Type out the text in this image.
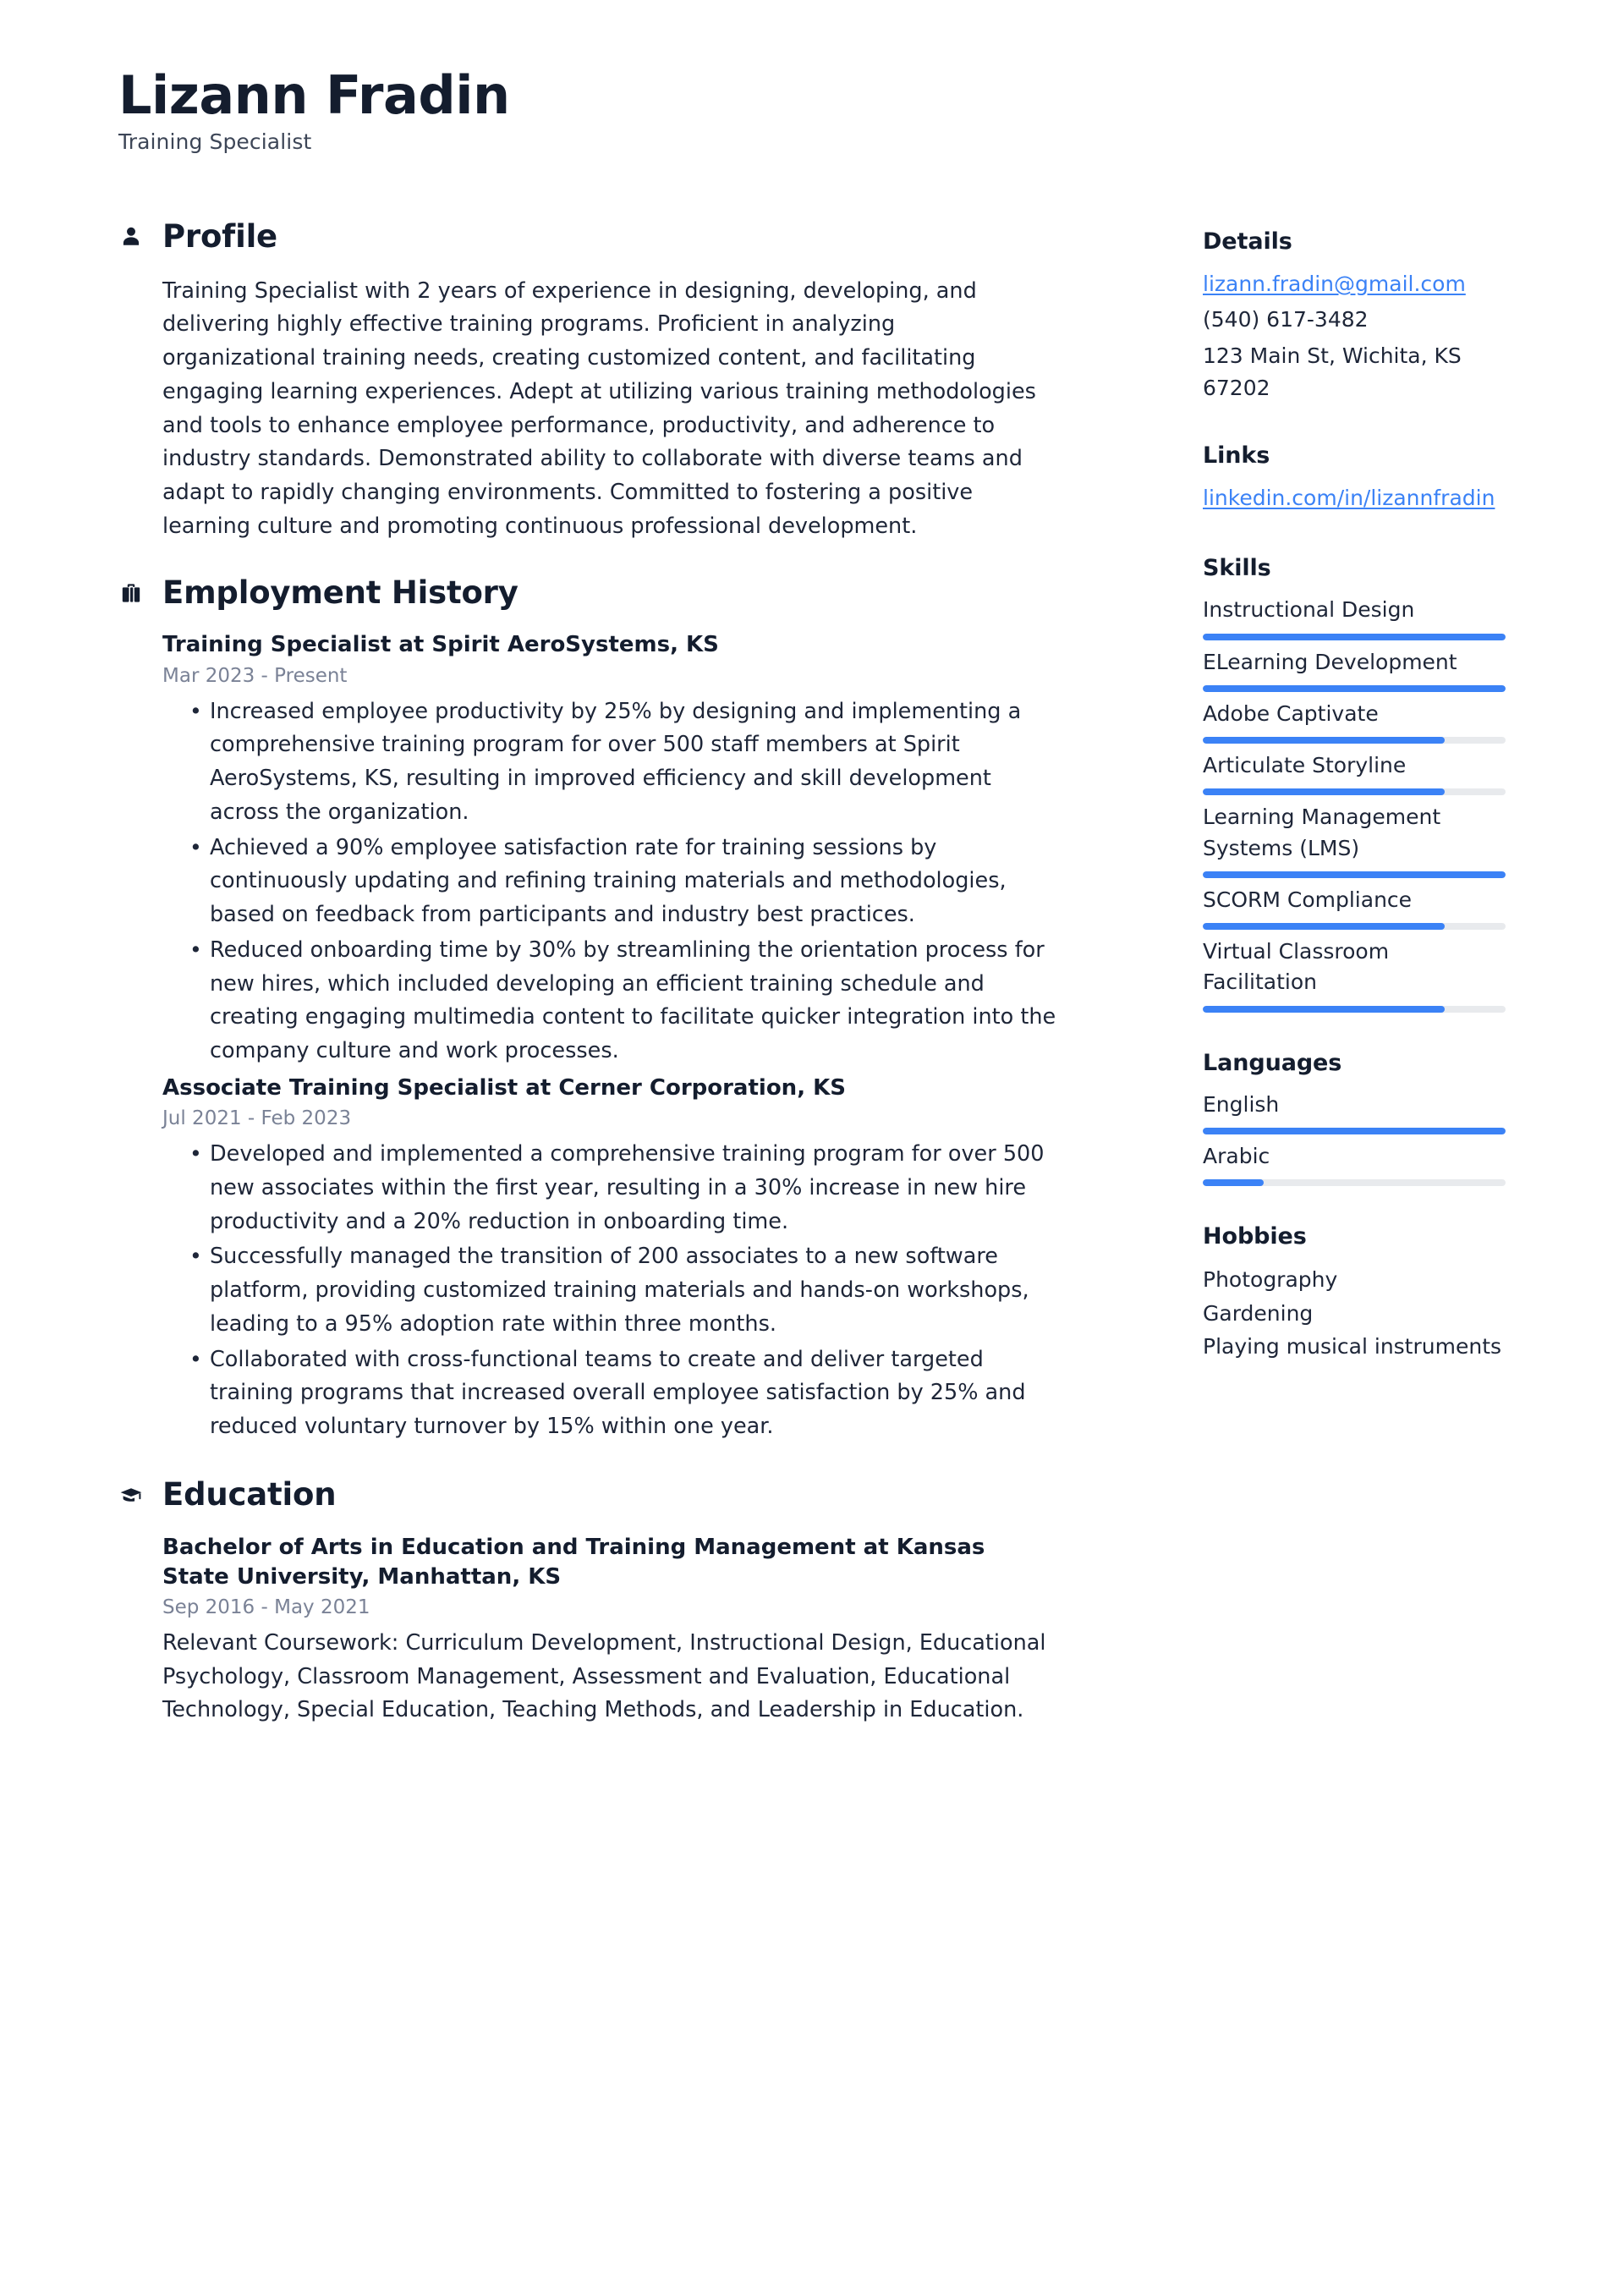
Lizann Fradin
Training Specialist
Profile

Training Specialist with 2 years of experience in designing, developing, and delivering highly effective training programs. Proficient in analyzing organizational training needs, creating customized content, and facilitating engaging learning experiences. Adept at utilizing various training methodologies and tools to enhance employee performance, productivity, and adherence to industry standards. Demonstrated ability to collaborate with diverse teams and adapt to rapidly changing environments. Committed to fostering a positive learning culture and promoting continuous professional development.

Employment History
Training Specialist at Spirit AeroSystems, KS
Mar 2023 - Present
• Increased employee productivity by 25% by designing and implementing a comprehensive training program for over 500 staff members at Spirit AeroSystems, KS, resulting in improved efficiency and skill development across the organization.
• Achieved a 90% employee satisfaction rate for training sessions by continuously updating and refining training materials and methodologies, based on feedback from participants and industry best practices.
• Reduced onboarding time by 30% by streamlining the orientation process for new hires, which included developing an efficient training schedule and creating engaging multimedia content to facilitate quicker integration into the company culture and work processes.
Associate Training Specialist at Cerner Corporation, KS
Jul 2021 - Feb 2023
• Developed and implemented a comprehensive training program for over 500 new associates within the first year, resulting in a 30% increase in new hire productivity and a 20% reduction in onboarding time.
• Successfully managed the transition of 200 associates to a new software platform, providing customized training materials and hands-on workshops, leading to a 95% adoption rate within three months.
• Collaborated with cross-functional teams to create and deliver targeted training programs that increased overall employee satisfaction by 25% and reduced voluntary turnover by 15% within one year.
Education
Bachelor of Arts in Education and Training Management at Kansas State University, Manhattan, KS
Sep 2016 - May 2021
Relevant Coursework: Curriculum Development, Instructional Design, Educational Psychology, Classroom Management, Assessment and Evaluation, Educational Technology, Special Education, Teaching Methods, and Leadership in Education.
Details
lizann.fradin@gmail.com
(540) 617-3482
123 Main St, Wichita, KS 67202
Links
linkedin.com/in/lizannfradin
Skills
Instructional Design
ELearning Development
Adobe Captivate
Articulate Storyline
Learning Management Systems (LMS)
SCORM Compliance
Virtual Classroom Facilitation
Languages
English
Arabic
Hobbies
Photography
Gardening
Playing musical instruments
